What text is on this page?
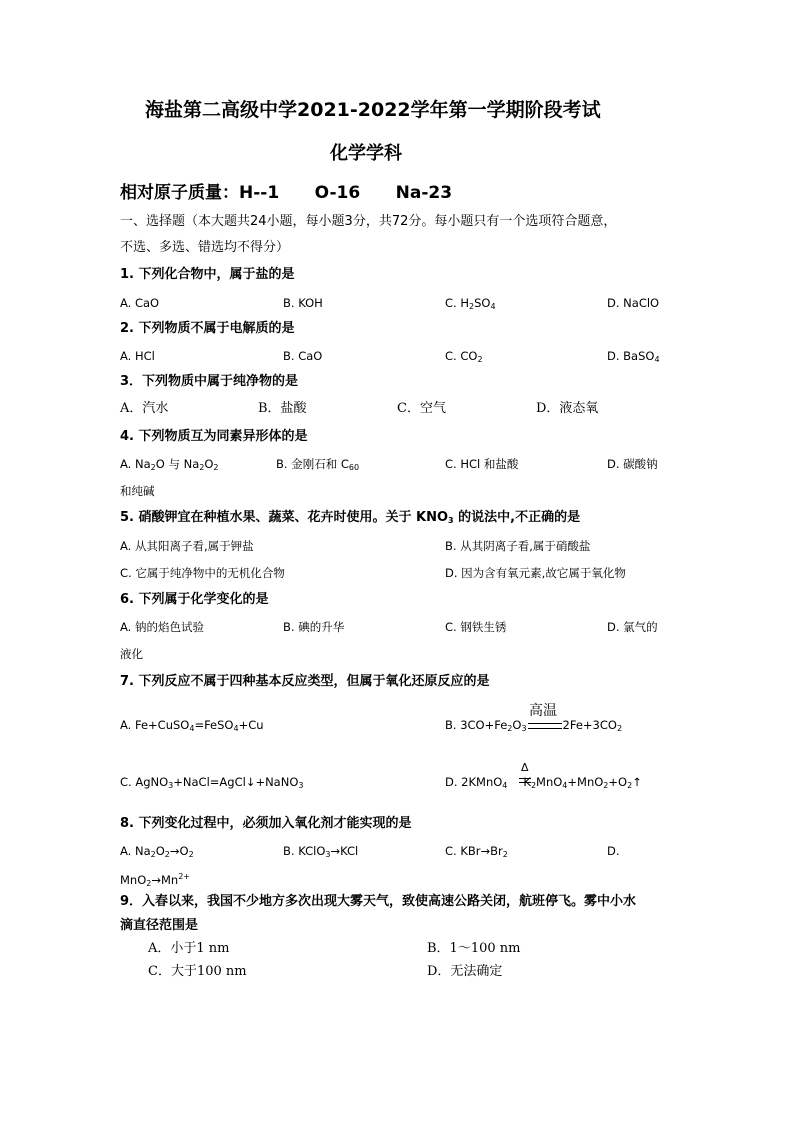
海盐第二高级中学2021-2022学年第一学期阶段考试
化学学科
相对原子质量：H--1      O-16      Na-23
一、选择题（本大题共24小题，每小题3分，共72分。每小题只有一个选项符合题意，
不选、多选、错选均不得分）
1. 下列化合物中，属于盐的是
A. CaO	B. KOH	C. $H_2SO_4$	D. NaClO
2. 下列物质不属于电解质的是
A. HCl	B. CaO	C. $CO_2$	D. BaSO$_4$
3．下列物质中属于纯净物的是
A．汽水	B．盐酸	C．空气	D．液态氧
4. 下列物质互为同素异形体的是
A. $Na_2O$ 与 $Na_2O_2$	B. 金刚石和 $C_{60}$	C. HCl 和盐酸	D. 碳酸钠
和纯碱
5. 硝酸钾宜在种植水果、蔬菜、花卉时使用。关于 $KNO_3$ 的说法中,不正确的是
A. 从其阳离子看,属于钾盐	B. 从其阴离子看,属于硝酸盐
C. 它属于纯净物中的无机化合物	D. 因为含有氧元素,故它属于氧化物
6. 下列属于化学变化的是
A. 钠的焰色试验	B. 碘的升华	C. 钢铁生锈	D. 氯气的
液化
7. 下列反应不属于四种基本反应类型，但属于氧化还原反应的是
A. Fe+CuSO$_4$=FeSO$_4$+Cu	B. $3CO+Fe_2O_3$	$2Fe+3CO_2$
高温
C. AgNO$_3$+NaCl=AgCl↓+NaNO$_3$	D. 2KMnO$_4$ $K_2MnO_4+MnO_2+O_2↑$
Δ
8. 下列变化过程中，必须加入氧化剂才能实现的是
A. $Na_2O_2\to O_2$	B. KClO$_3$→KCl	C. $KBr\to Br_2$	D.
$MnO_2\to Mn^{2+}$
9．入春以来，我国不少地方多次出现大雾天气，致使高速公路关闭，航班停飞。雾中小水
滴直径范围是
A．小于1 nm	B．1～100 nm
C．大于100 nm	D．无法确定
